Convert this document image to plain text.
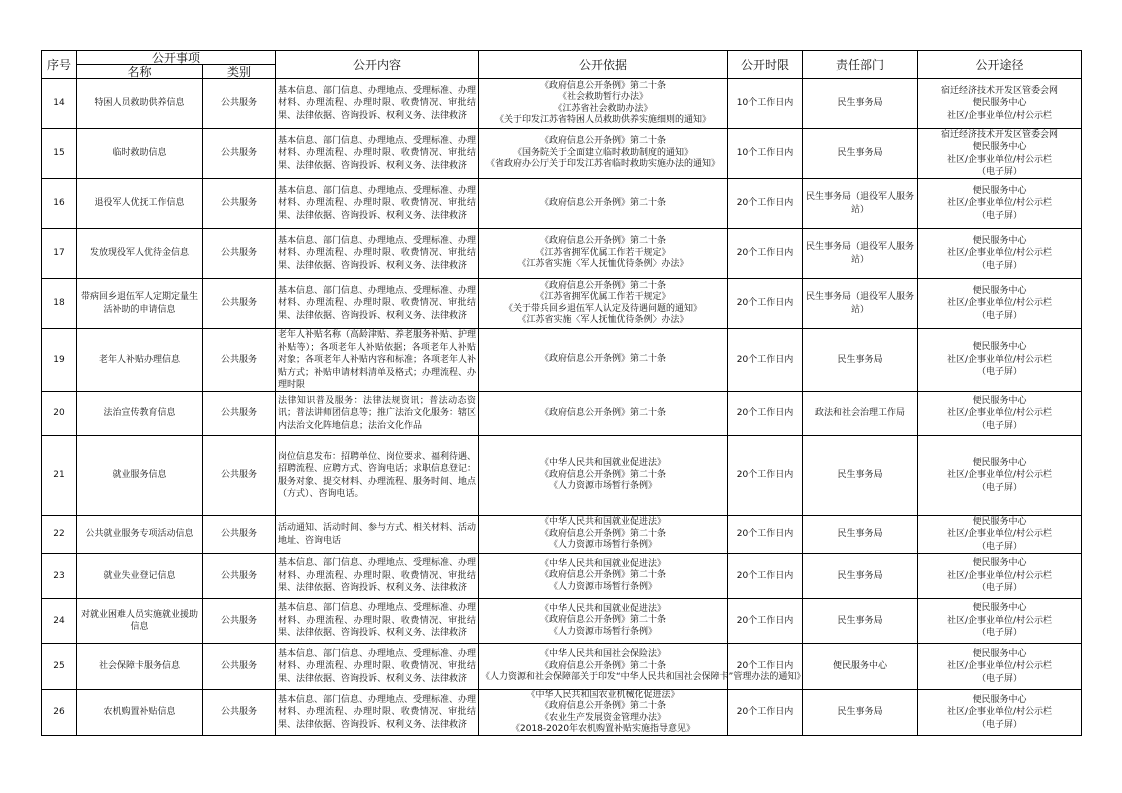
序号	公开事项		公开内容	公开依据	公开时限	责任部门	公开途径
	名称	类别					

14	特困人员救助供养信息	公共服务	基本信息、部门信息、办理地点、受理标准、办理材料、办理流程、办理时限、收费情况、审批结果、法律依据、咨询投诉、权利义务、法律救济	《政府信息公开条例》第二十条
《社会救助暂行办法》
《江苏省社会救助办法》
《关于印发江苏省特困人员救助供养实施细则的通知》	10个工作日内	民生事务局	宿迁经济技术开发区管委会网
便民服务中心
社区/企事业单位/村公示栏

15	临时救助信息	公共服务	基本信息、部门信息、办理地点、受理标准、办理材料、办理流程、办理时限、收费情况、审批结果、法律依据、咨询投诉、权利义务、法律救济	《政府信息公开条例》第二十条
《国务院关于全面建立临时救助制度的通知》
《省政府办公厅关于印发江苏省临时救助实施办法的通知》	10个工作日内	民生事务局	宿迁经济技术开发区管委会网
便民服务中心
社区/企事业单位/村公示栏
（电子屏）

16	退役军人优抚工作信息	公共服务	基本信息、部门信息、办理地点、受理标准、办理材料、办理流程、办理时限、收费情况、审批结果、法律依据、咨询投诉、权利义务、法律救济	《政府信息公开条例》第二十条	20个工作日内	民生事务局（退役军人服务站）	便民服务中心
社区/企事业单位/村公示栏
（电子屏）

17	发放现役军人优待金信息	公共服务	基本信息、部门信息、办理地点、受理标准、办理材料、办理流程、办理时限、收费情况、审批结果、法律依据、咨询投诉、权利义务、法律救济	《政府信息公开条例》第二十条
《江苏省拥军优属工作若干规定》
《江苏省实施〈军人抚恤优待条例〉办法》	20个工作日内	民生事务局（退役军人服务站）	便民服务中心
社区/企事业单位/村公示栏
（电子屏）

18	带病回乡退伍军人定期定量生活补助的申请信息	公共服务	基本信息、部门信息、办理地点、受理标准、办理材料、办理流程、办理时限、收费情况、审批结果、法律依据、咨询投诉、权利义务、法律救济	《政府信息公开条例》第二十条
《江苏省拥军优属工作若干规定》
《关于带兵回乡退伍军人认定及待遇问题的通知》
《江苏省实施〈军人抚恤优待条例〉办法》	20个工作日内	民生事务局（退役军人服务站）	便民服务中心
社区/企事业单位/村公示栏
（电子屏）

19	老年人补贴办理信息	公共服务	老年人补贴名称（高龄津贴、养老服务补贴、护理补贴等）；各项老年人补贴依据；各项老年人补贴对象；各项老年人补贴内容和标准；各项老年人补贴方式；补贴申请材料清单及格式；办理流程、办理时限	《政府信息公开条例》第二十条	20个工作日内	民生事务局	便民服务中心
社区/企事业单位/村公示栏
（电子屏）

20	法治宣传教育信息	公共服务	法律知识普及服务：法律法规资讯；普法动态资讯；普法讲师团信息等；推广法治文化服务：辖区内法治文化阵地信息；法治文化作品	《政府信息公开条例》第二十条	20个工作日内	政法和社会治理工作局	便民服务中心
社区/企事业单位/村公示栏
（电子屏）

21	就业服务信息	公共服务	岗位信息发布：招聘单位、岗位要求、福利待遇、招聘流程、应聘方式、咨询电话；求职信息登记：服务对象、提交材料、办理流程、服务时间、地点（方式）、咨询电话。	《中华人民共和国就业促进法》
《政府信息公开条例》第二十条
《人力资源市场暂行条例》	20个工作日内	民生事务局	便民服务中心
社区/企事业单位/村公示栏
（电子屏）

22	公共就业服务专项活动信息	公共服务	活动通知、活动时间、参与方式、相关材料、活动地址、咨询电话	《中华人民共和国就业促进法》
《政府信息公开条例》第二十条
《人力资源市场暂行条例》	20个工作日内	民生事务局	便民服务中心
社区/企事业单位/村公示栏
（电子屏）

23	就业失业登记信息	公共服务	基本信息、部门信息、办理地点、受理标准、办理材料、办理流程、办理时限、收费情况、审批结果、法律依据、咨询投诉、权利义务、法律救济	《中华人民共和国就业促进法》
《政府信息公开条例》第二十条
《人力资源市场暂行条例》	20个工作日内	民生事务局	便民服务中心
社区/企事业单位/村公示栏
（电子屏）

24	对就业困难人员实施就业援助信息	公共服务	基本信息、部门信息、办理地点、受理标准、办理材料、办理流程、办理时限、收费情况、审批结果、法律依据、咨询投诉、权利义务、法律救济	《中华人民共和国就业促进法》
《政府信息公开条例》第二十条
《人力资源市场暂行条例》	20个工作日内	民生事务局	便民服务中心
社区/企事业单位/村公示栏
（电子屏）

25	社会保障卡服务信息	公共服务	基本信息、部门信息、办理地点、受理标准、办理材料、办理流程、办理时限、收费情况、审批结果、法律依据、咨询投诉、权利义务、法律救济	《中华人民共和国社会保险法》
《政府信息公开条例》第二十条
《人力资源和社会保障部关于印发“中华人民共和国社会保障卡”管理办法的通知》	20个工作日内	便民服务中心	便民服务中心
社区/企事业单位/村公示栏
（电子屏）

26	农机购置补贴信息	公共服务	基本信息、部门信息、办理地点、受理标准、办理材料、办理流程、办理时限、收费情况、审批结果、法律依据、咨询投诉、权利义务、法律救济	《中华人民共和国农业机械化促进法》
《政府信息公开条例》第二十条
《农业生产发展资金管理办法》
《2018-2020年农机购置补贴实施指导意见》	20个工作日内	民生事务局	便民服务中心
社区/企事业单位/村公示栏
（电子屏）
